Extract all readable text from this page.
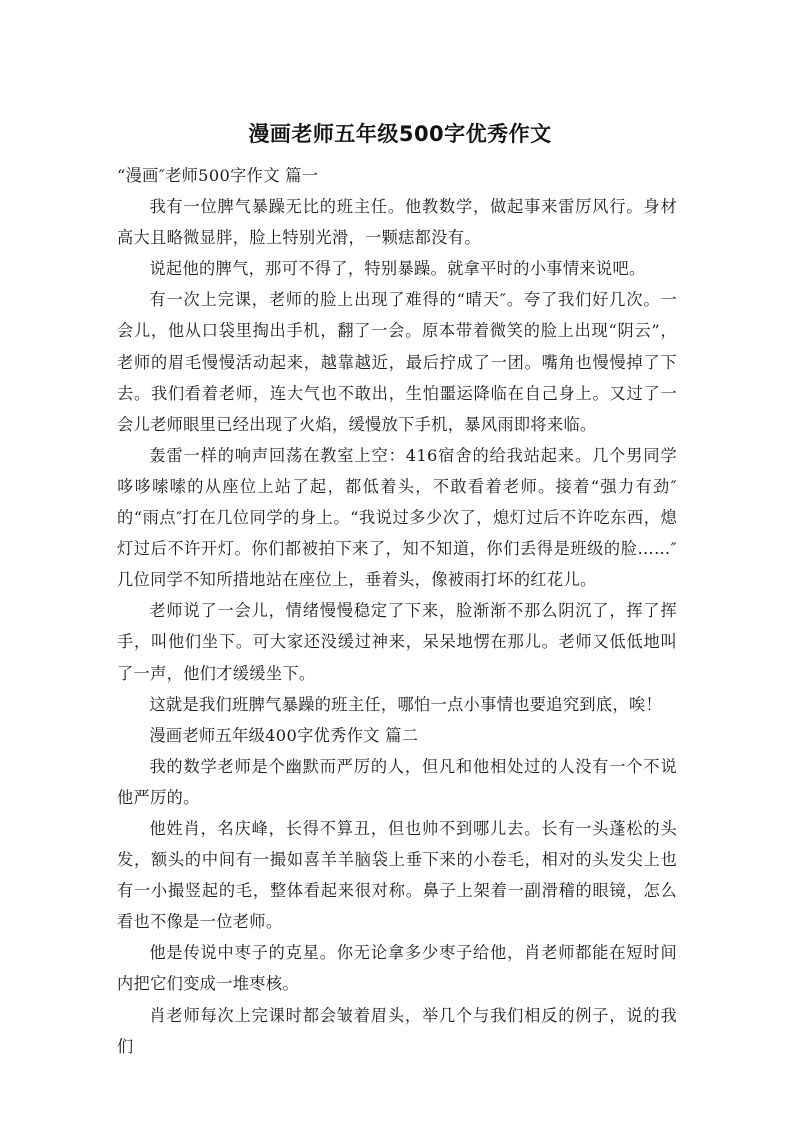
漫画老师五年级500字优秀作文

“漫画″老师500字作文 篇一

我有一位脾气暴躁无比的班主任。他教数学，做起事来雷厉风行。身材高大且略微显胖，脸上特别光滑，一颗痣都没有。

说起他的脾气，那可不得了，特别暴躁。就拿平时的小事情来说吧。

有一次上完课，老师的脸上出现了难得的“晴天″。夸了我们好几次。一会儿，他从口袋里掏出手机，翻了一会。原本带着微笑的脸上出现“阴云”，老师的眉毛慢慢活动起来，越靠越近，最后拧成了一团。嘴角也慢慢掉了下去。我们看着老师，连大气也不敢出，生怕噩运降临在自己身上。又过了一会儿老师眼里已经出现了火焰，缓慢放下手机，暴风雨即将来临。

轰雷一样的响声回荡在教室上空：416宿舍的给我站起来。几个男同学哆哆嗦嗦的从座位上站了起，都低着头，不敢看着老师。接着“强力有劲″的“雨点″打在几位同学的身上。“我说过多少次了，熄灯过后不许吃东西，熄灯过后不许开灯。你们都被拍下来了，知不知道，你们丢得是班级的脸……″几位同学不知所措地站在座位上，垂着头，像被雨打坏的红花儿。

老师说了一会儿，情绪慢慢稳定了下来，脸渐渐不那么阴沉了，挥了挥手，叫他们坐下。可大家还没缓过神来，呆呆地愣在那儿。老师又低低地叫了一声，他们才缓缓坐下。

这就是我们班脾气暴躁的班主任，哪怕一点小事情也要追究到底，唉！

漫画老师五年级400字优秀作文 篇二

我的数学老师是个幽默而严厉的人，但凡和他相处过的人没有一个不说他严厉的。

他姓肖，名庆峰，长得不算丑，但也帅不到哪儿去。长有一头蓬松的头发，额头的中间有一撮如喜羊羊脑袋上垂下来的小卷毛，相对的头发尖上也有一小撮竖起的毛，整体看起来很对称。鼻子上架着一副滑稽的眼镜，怎么看也不像是一位老师。

他是传说中枣子的克星。你无论拿多少枣子给他，肖老师都能在短时间内把它们变成一堆枣核。

肖老师每次上完课时都会皱着眉头，举几个与我们相反的例子，说的我们
